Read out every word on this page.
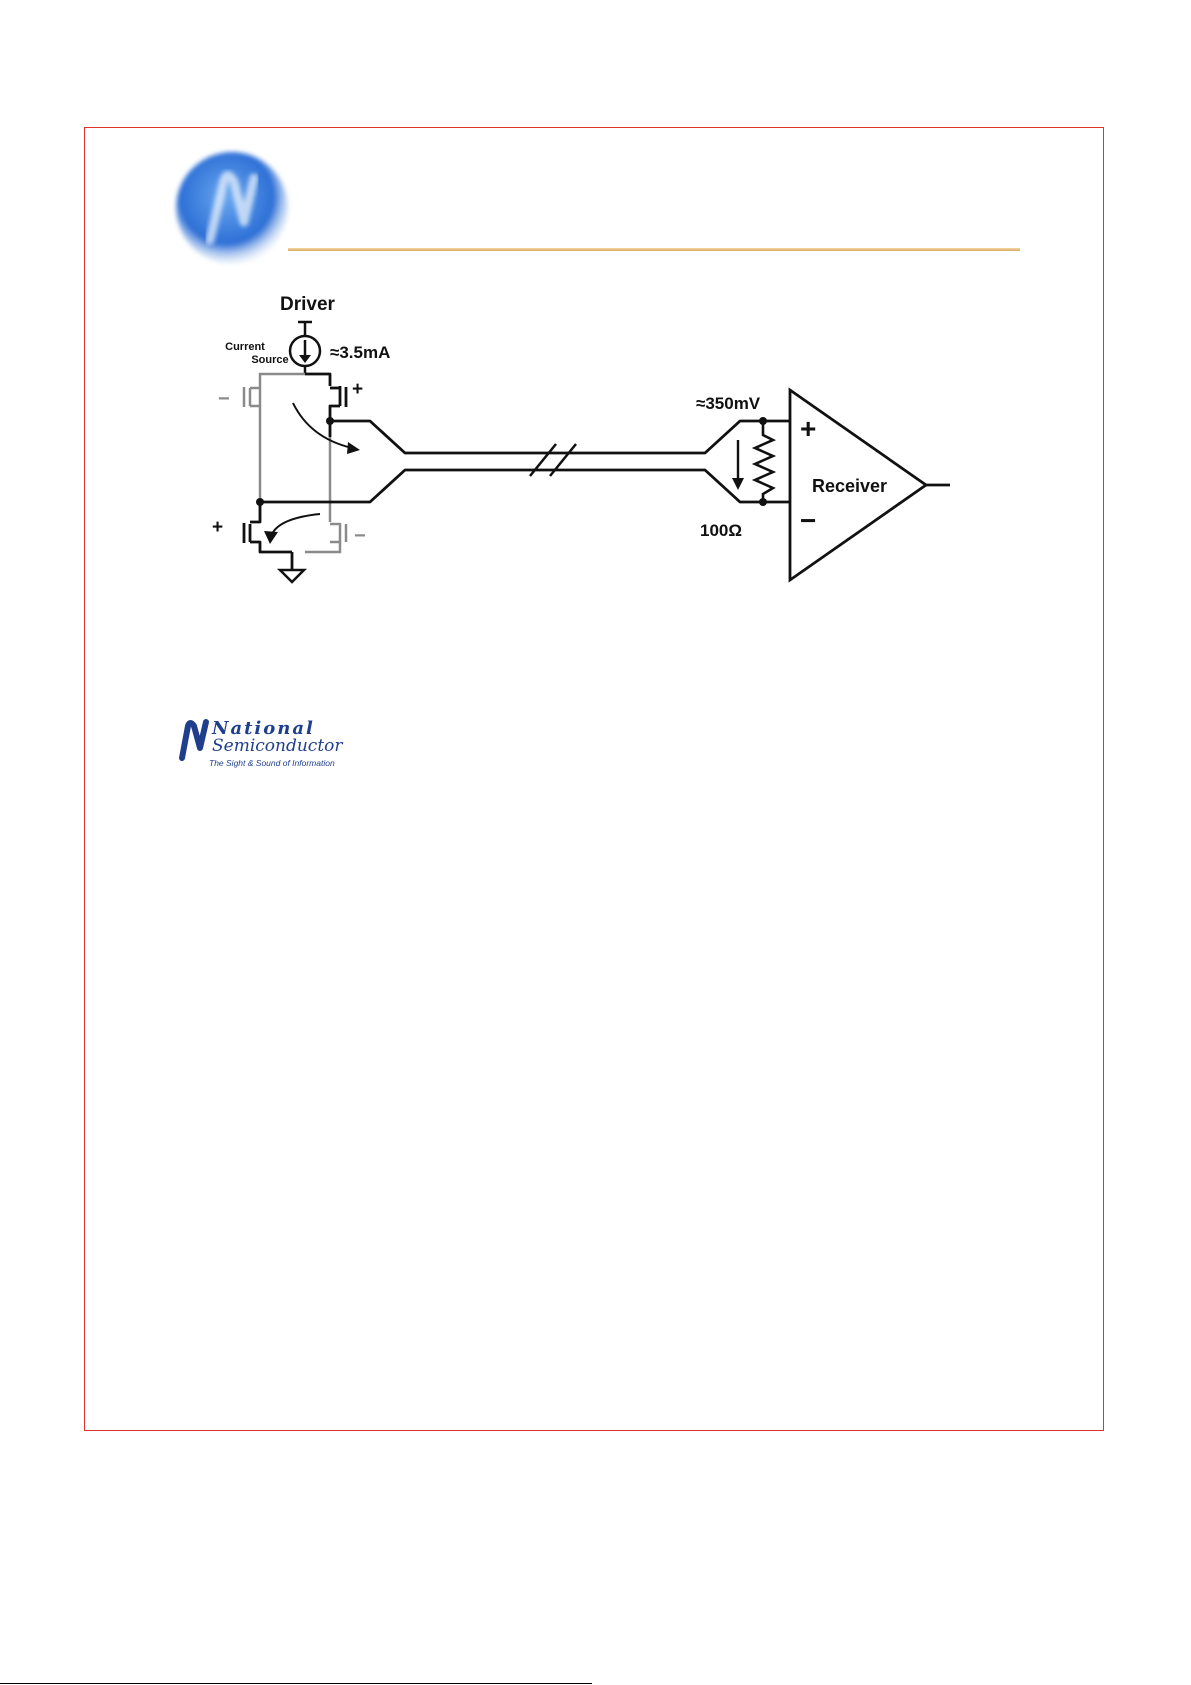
Driver
Current
Source ≈3.5mA
−
−
+
+
≈350mV
100Ω
+
−
Receiver
National
Semiconductor
The Sight & Sound of Information
